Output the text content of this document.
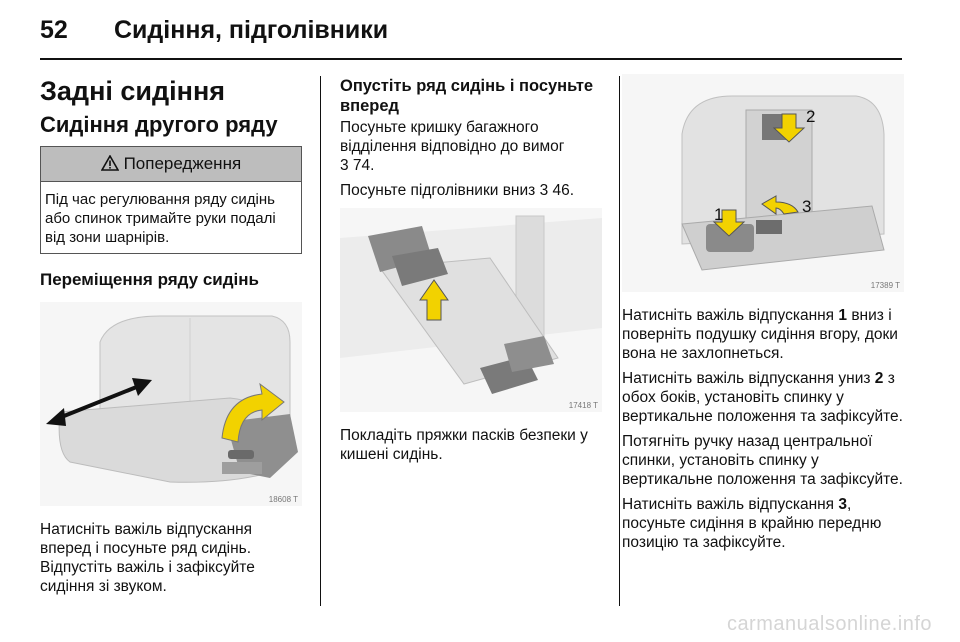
52 Сидіння, підголівники
Задні сидіння
Сидіння другого ряду
Попередження
Під час регулювання ряду сидінь або спинок тримайте руки подалі від зони шарнірів.
Переміщення ряду сидінь
18608 T

Натисніть важіль відпускання вперед і посуньте ряд сидінь. Відпустіть важіль і зафіксуйте сидіння зі звуком.

Опустіть ряд сидінь і посуньте вперед

Посуньте кришку багажного відділення відповідно до вимог

3 74.

Посуньте підголівники вниз 3 46.

17418 T

Покладіть пряжки пасків безпеки у кишені сидінь.

1
2
3
17389 T

Натисніть важіль відпускання 1 вниз і поверніть подушку сидіння вгору, доки вона не захлопнеться.

Натисніть важіль відпускання униз 2 з обох боків, установіть спинку у вертикальне положення та зафіксуйте.

Потягніть ручку назад центральної спинки, установіть спинку у вертикальне положення та зафіксуйте.

Натисніть важіль відпускання 3, посуньте сидіння в крайню передню позицію та зафіксуйте.

carmanualsonline.info
